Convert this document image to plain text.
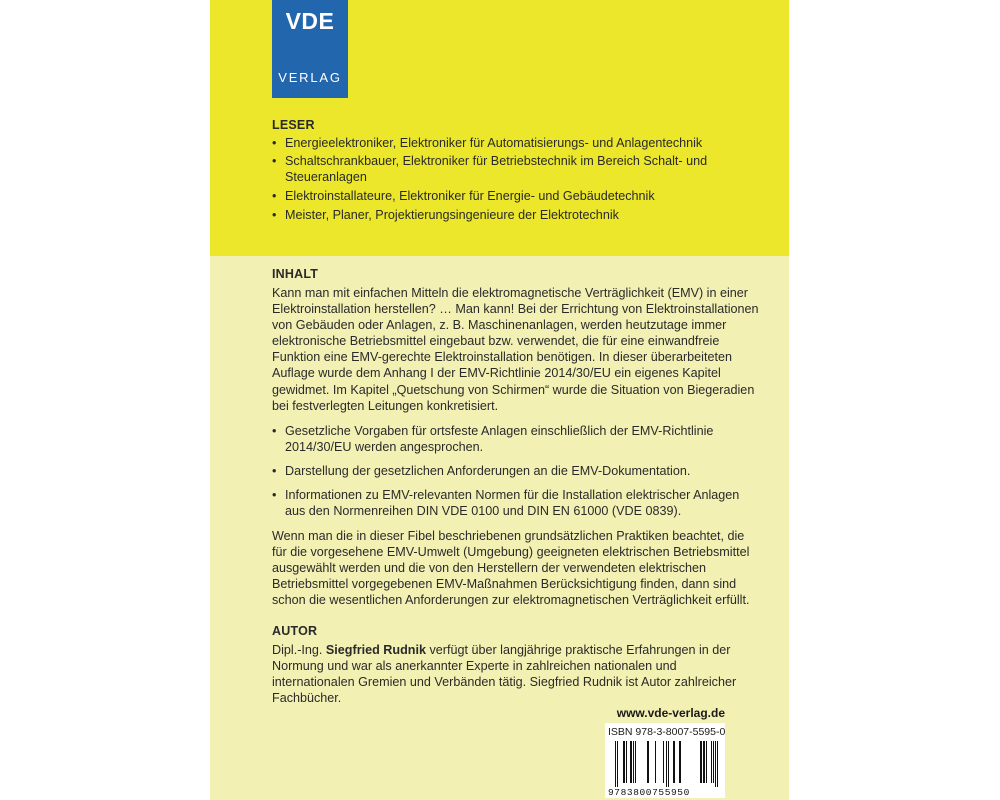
VDE
VERLAG
LESER
• Energieelektroniker, Elektroniker für Automatisierungs- und Anlagentechnik
• Schaltschrankbauer, Elektroniker für Betriebstechnik im Bereich Schalt- und Steueranlagen
• Elektroinstallateure, Elektroniker für Energie- und Gebäudetechnik
• Meister, Planer, Projektierungsingenieure der Elektrotechnik
INHALT

Kann man mit einfachen Mitteln die elektromagnetische Verträglichkeit (EMV) in einer Elektroinstallation herstellen? … Man kann! Bei der Errichtung von Elektroinstallationen von Gebäuden oder Anlagen, z. B. Maschinenanlagen, werden heutzutage immer elektronische Betriebsmittel eingebaut bzw. verwendet, die für eine einwandfreie Funktion eine EMV-gerechte Elektroinstallation benötigen. In dieser überarbeiteten Auflage wurde dem Anhang I der EMV-Richtlinie 2014/30/EU ein eigenes Kapitel gewidmet. Im Kapitel „Quetschung von Schirmen“ wurde die Situation von Biegeradien bei festverlegten Leitungen konkretisiert.

• Gesetzliche Vorgaben für ortsfeste Anlagen einschließlich der EMV-Richtlinie 2014/30/EU werden angesprochen.
• Darstellung der gesetzlichen Anforderungen an die EMV-Dokumentation.
• Informationen zu EMV-relevanten Normen für die Installation elektrischer Anlagen aus den Normenreihen DIN VDE 0100 und DIN EN 61000 (VDE 0839).

Wenn man die in dieser Fibel beschriebenen grundsätzlichen Praktiken beachtet, die für die vorgesehene EMV-Umwelt (Umgebung) geeigneten elektrischen Betriebsmittel ausgewählt werden und die von den Herstellern der verwendeten elektrischen Betriebsmittel vorgegebenen EMV-Maßnahmen Berücksichtigung finden, dann sind schon die wesentlichen Anforderungen zur elektromagnetischen Verträglichkeit erfüllt.

AUTOR

Dipl.-Ing. Siegfried Rudnik verfügt über langjährige praktische Erfahrungen in der Normung und war als anerkannter Experte in zahlreichen nationalen und internationalen Gremien und Verbänden tätig. Siegfried Rudnik ist Autor zahlreicher Fachbücher.

www.vde-verlag.de
ISBN 978-3-8007-5595-0
9783800755950
